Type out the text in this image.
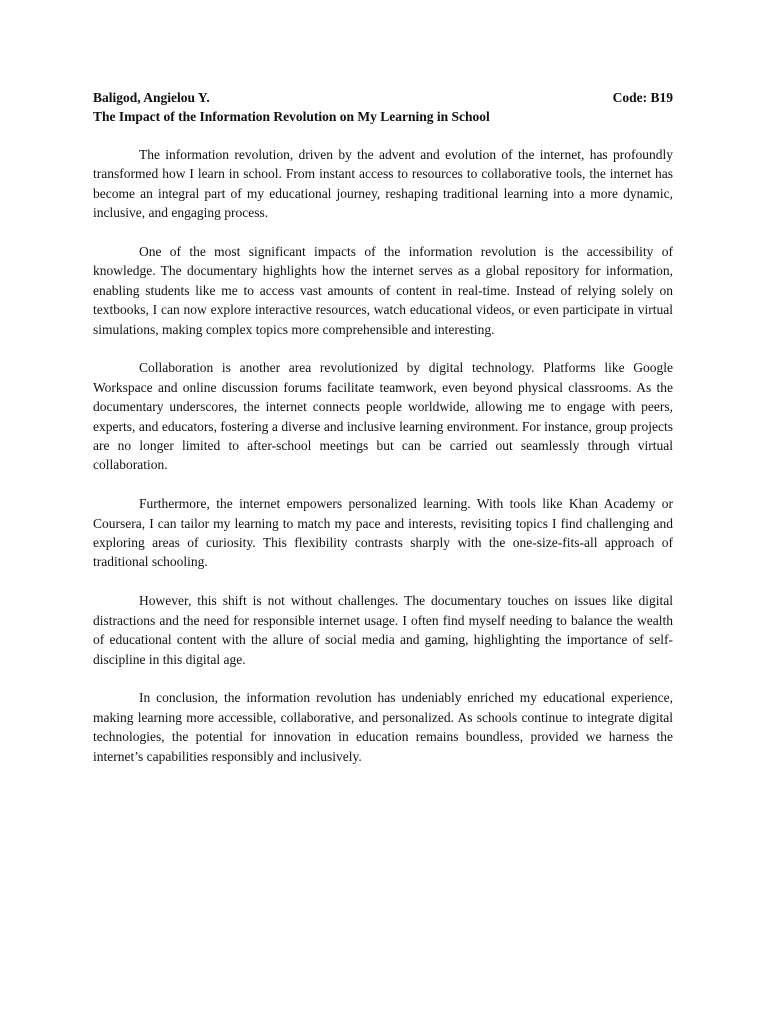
Baligod, Angielou Y.	Code: B19
The Impact of the Information Revolution on My Learning in School

The information revolution, driven by the advent and evolution of the internet, has profoundly transformed how I learn in school. From instant access to resources to collaborative tools, the internet has become an integral part of my educational journey, reshaping traditional learning into a more dynamic, inclusive, and engaging process.

One of the most significant impacts of the information revolution is the accessibility of knowledge. The documentary highlights how the internet serves as a global repository for information, enabling students like me to access vast amounts of content in real-time. Instead of relying solely on textbooks, I can now explore interactive resources, watch educational videos, or even participate in virtual simulations, making complex topics more comprehensible and interesting.

Collaboration is another area revolutionized by digital technology. Platforms like Google Workspace and online discussion forums facilitate teamwork, even beyond physical classrooms. As the documentary underscores, the internet connects people worldwide, allowing me to engage with peers, experts, and educators, fostering a diverse and inclusive learning environment. For instance, group projects are no longer limited to after-school meetings but can be carried out seamlessly through virtual collaboration.

Furthermore, the internet empowers personalized learning. With tools like Khan Academy or Coursera, I can tailor my learning to match my pace and interests, revisiting topics I find challenging and exploring areas of curiosity. This flexibility contrasts sharply with the one-size-fits-all approach of traditional schooling.

However, this shift is not without challenges. The documentary touches on issues like digital distractions and the need for responsible internet usage. I often find myself needing to balance the wealth of educational content with the allure of social media and gaming, highlighting the importance of self-discipline in this digital age.

In conclusion, the information revolution has undeniably enriched my educational experience, making learning more accessible, collaborative, and personalized. As schools continue to integrate digital technologies, the potential for innovation in education remains boundless, provided we harness the internet’s capabilities responsibly and inclusively.
